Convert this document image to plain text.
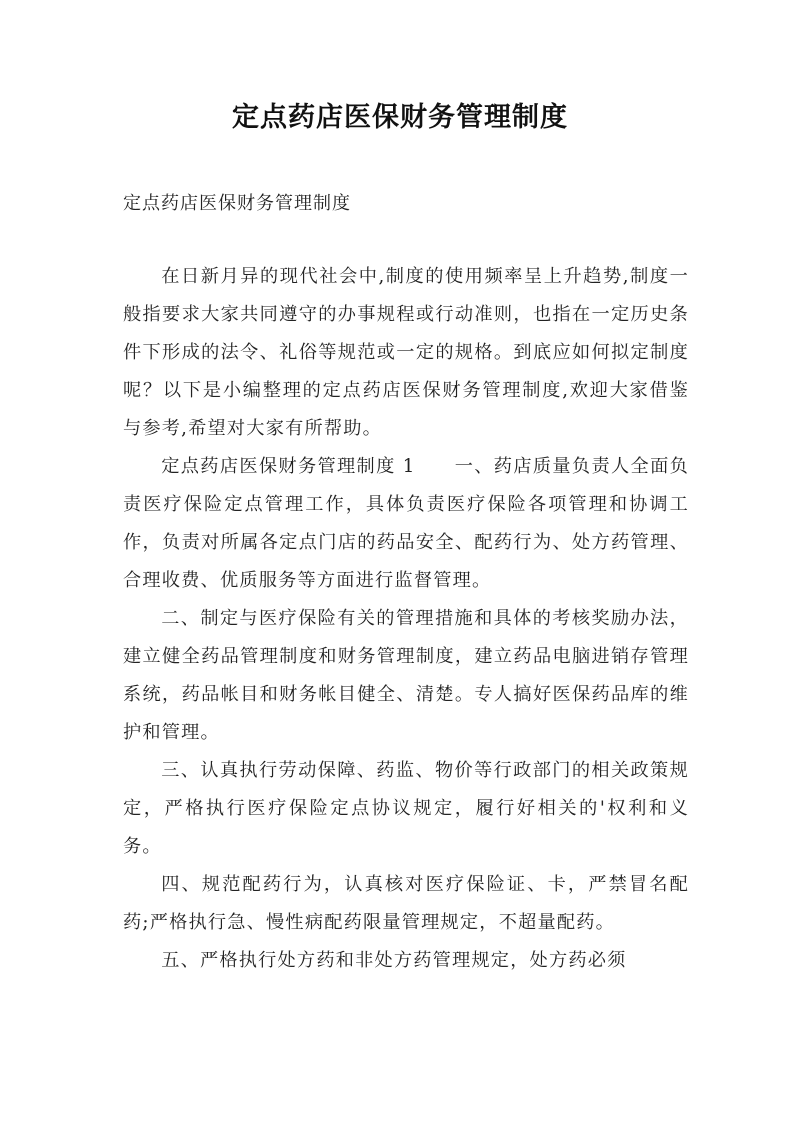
定点药店医保财务管理制度
定点药店医保财务管理制度

在日新月异的现代社会中,制度的使用频率呈上升趋势,制度一般指要求大家共同遵守的办事规程或行动准则，也指在一定历史条件下形成的法令、礼俗等规范或一定的规格。到底应如何拟定制度呢？以下是小编整理的定点药店医保财务管理制度,欢迎大家借鉴与参考,希望对大家有所帮助。

定点药店医保财务管理制度 1　　一、药店质量负责人全面负责医疗保险定点管理工作，具体负责医疗保险各项管理和协调工作，负责对所属各定点门店的药品安全、配药行为、处方药管理、合理收费、优质服务等方面进行监督管理。

二、制定与医疗保险有关的管理措施和具体的考核奖励办法，建立健全药品管理制度和财务管理制度，建立药品电脑进销存管理系统，药品帐目和财务帐目健全、清楚。专人搞好医保药品库的维护和管理。

三、认真执行劳动保障、药监、物价等行政部门的相关政策规定，严格执行医疗保险定点协议规定，履行好相关的'权利和义务。

四、规范配药行为，认真核对医疗保险证、卡，严禁冒名配药;严格执行急、慢性病配药限量管理规定，不超量配药。

五、严格执行处方药和非处方药管理规定，处方药必须
